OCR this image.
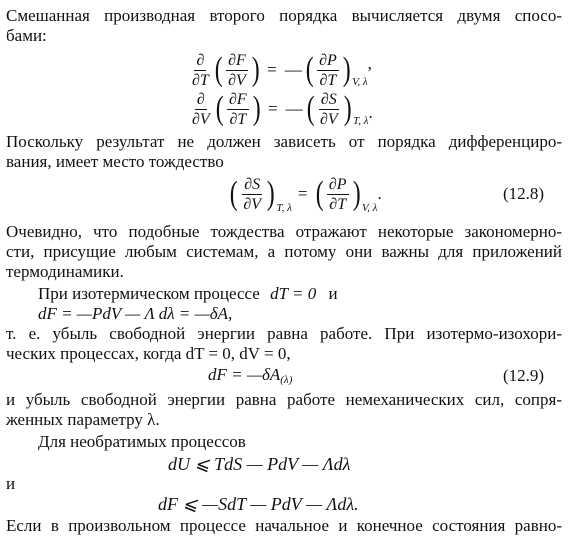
Смешанная производная второго порядка вычисляется двумя спосо-
бами:
$\frac{\partial}{\partial T}$ ( $\frac{\partial F}{\partial V}$ ) = — ( $\frac{\partial P}{\partial T}$ ) V, λ
,
$\frac{\partial}{\partial V}$ ( $\frac{\partial F}{\partial T}$ ) = — ( $\frac{\partial S}{\partial V}$ ) T, λ .
Поскольку результат не должен зависеть от порядка дифференциро-
вания, имеет место тождество
( $\frac{\partial S}{\partial V}$ ) T, λ
= ( $\frac{\partial P}{\partial T}$ ) V, λ
.	(12.8)
Очевидно, что подобные тождества отражают некоторые закономерно-
сти, присущие любым системам, а потому они важны для приложений
термодинамики.
При изотермическом процессе dT = 0 и
dF = —PdV — Λ dλ = —δA,
т. е. убыль свободной энергии равна работе. При изотермо-изохори-
ческих процессах, когда dT = 0, dV = 0,
dF = —δA (λ)	(12.9)
и убыль свободной энергии равна работе немеханических сил, сопря-
женных параметру λ.
Для необратимых процессов
dU ⩽ TdS — PdV — Λdλ
и
dF ⩽ —SdT — PdV — Λdλ.
Если в произвольном процессе начальное и конечное состояния равно-
